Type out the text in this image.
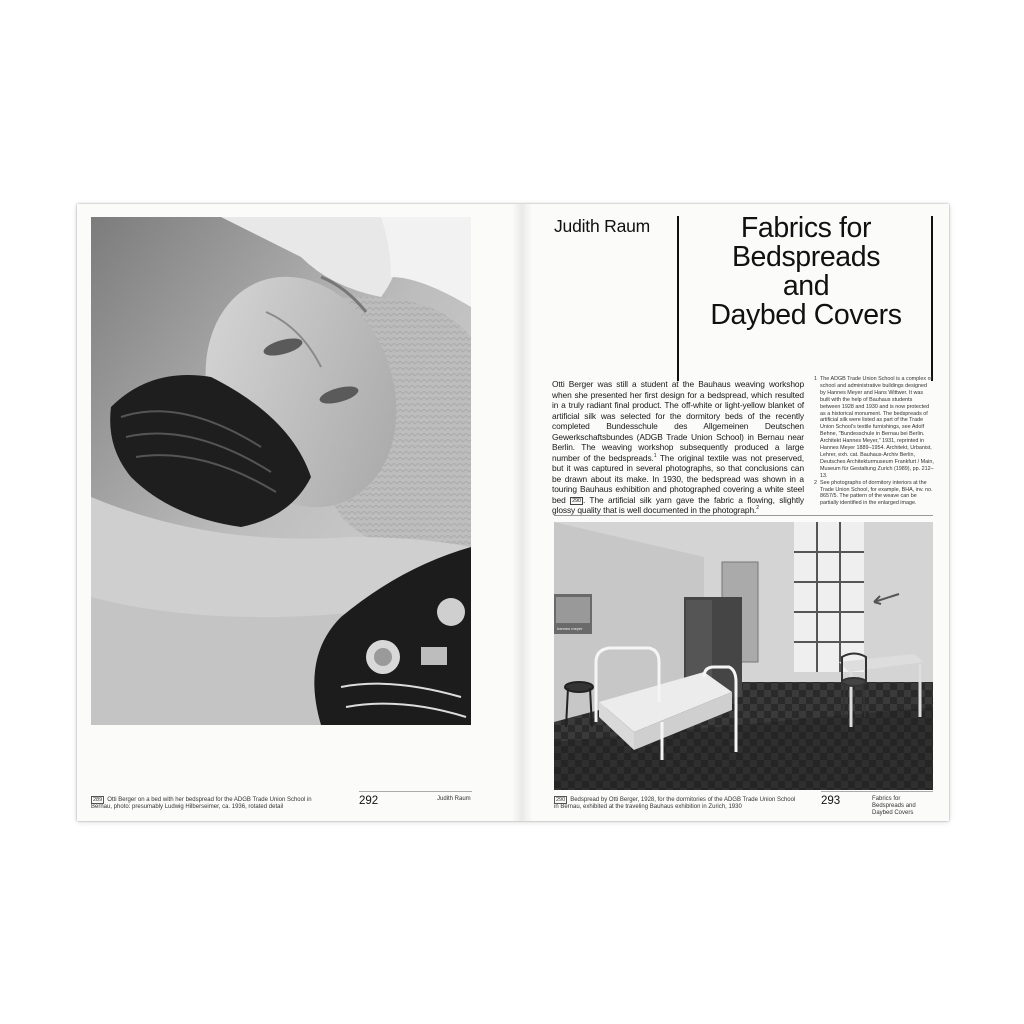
289 Otti Berger on a bed with her bedspread for the ADGB Trade Union School in Bernau, photo: presumably Ludwig Hilberseimer, ca. 1936, rotated detail
292	Judith Raum
Judith Raum	Fabrics for
Bedspreads
and
Daybed Covers
Otti Berger was still a student at the Bauhaus weaving workshop when she presented her first design for a bedspread, which resulted in a truly radiant final product. The off-white or light-yellow blanket of artificial silk was selected for the dormitory beds of the recently completed Bundesschule des Allgemeinen Deutschen Gewerkschaftsbundes (ADGB Trade Union School) in Bernau near Berlin. The weaving workshop subsequently produced a large number of the bedspreads.$^1$ The original textile was not preserved, but it was captured in several photographs, so that conclusions can be drawn about its make. In 1930, the bedspread was shown in a touring Bauhaus exhibition and photographed covering a white steel bed 290 . The artificial silk yarn gave the fabric a flowing, slightly glossy quality that is well documented in the photograph.$^2$
1 The ADGB Trade Union School is a complex of school and administrative buildings designed by Hannes Meyer and Hans Wittwer. It was built with the help of Bauhaus students between 1928 and 1930 and is now protected as a historical monument. The bedspreads of artificial silk were listed as part of the Trade Union School's textile furnishings, see Adolf Behne, "Bundesschule in Bernau bei Berlin. Architekt Hannes Meyer," 1931, reprinted in Hannes Meyer 1889–1954. Architekt, Urbanist, Lehrer, exh. cat. Bauhaus-Archiv Berlin, Deutsches Architekturmuseum Frankfurt / Main, Museum für Gestaltung Zurich (1989), pp. 212–13.
2 See photographs of dormitory interiors at the Trade Union School, for example, BHA, inv. no. 8657/5. The pattern of the weave can be partially identified in the enlarged image.
hannes meyer
290 Bedspread by Otti Berger, 1928, for the dormitories of the ADGB Trade Union School in Bernau, exhibited at the traveling Bauhaus exhibition in Zurich, 1930
293	Fabrics for Bedspreads and Daybed Covers
